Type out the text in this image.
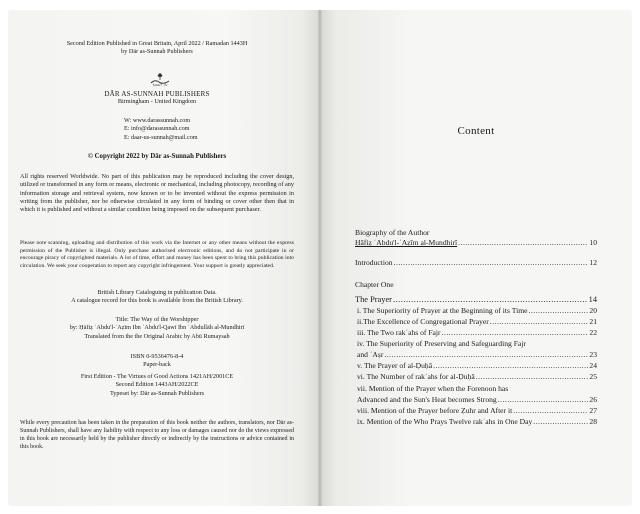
Second Edition Published in Great Britain, April 2022 / Ramadan 1443H
by Dār as-Sunnah Publishers
دار السنة
DĀR AS-SUNNAH PUBLISHERS
Birmingham - United Kingdom
W: www.darassunnah.com
E: info@darassunnah.com
E: daar-us-sunnah@mail.com
© Copyright 2022 by Dār as-Sunnah Publishers
All rights reserved Worldwide. No part of this publication may be reproduced including the cover design, utilized or transformed in any form or means, electronic or mechanical, including photocopy, recording of any information storage and retrieval system, now known or to be invented without the express permission in writing from the publisher, nor be otherwise circulated in any form of binding or cover other then that in which it is published and without a similar condition being imposed on the subsequent purchaser.
Please note scanning, uploading and distribution of this work via the Internet or any other means without the express permission of the Publisher is illegal. Only purchase authorised electronic editions, and do not participate in or encourage piracy of copyrighted materials. A lot of time, effort and money has been spent to bring this publication into circulation. We seek your cooperation to report any copyright infringement. Your support is greatly appreciated.
British Library Cataloguing in publication Data.
A catalogue record for this book is available from the British Library.
Title: The Way of the Worshipper
by: Ḥāfiẓ ʿAbdu'l-ʿAẓīm Ibn ʿAbdu'l-Qawī Ibn ʿAbdullāh al-Mundhirī
Translated from the the Original Arabic by Abū Rumaysah
ISBN 0-9536476-8-4
Paper-back
First Edition - The Virtues of Good Actions 1421AH/2001CE
Second Edition 1443AH/2022CE
Typeset by: Dār as-Sunnah Publishers
While every precaution has been taken in the preparation of this book neither the authors, translators, nor Dār as-Sunnah Publishers, shall have any liability with respect to any loss or damages caused nor do the views expressed in this book are necessarily held by the publisher directly or indirectly by the instructions or advice contained in this book.
Content
Biography of the Author
Ḥāfiẓ ʿAbdu'l-ʿAẓīm al-Mundhirī .....	10
Introduction .....	12
Chapter One
The Prayer .....	14
i. The Superiority of Prayer at the Beginning of its Time .....	20
ii.The Excellence of Congregational Prayer .....	21
iii. The Two rakʿahs of Fajr .....	22
iv. The Superiority of Preserving and Safeguarding Fajr
and ʿAṣr .....	23
v. The Prayer of al-Ḍuḥā .....	24
vi. The Number of rakʿahs for al-Ḍuḥā .....	25
vii. Mention of the Prayer when the Forenoon has
Advanced and the Sun's Heat becomes Strong .....	26
viii. Mention of the Prayer before Ẓuhr and After it .....	27
ix. Mention of the Who Prays Twelve rakʿahs in One Day .....	28
